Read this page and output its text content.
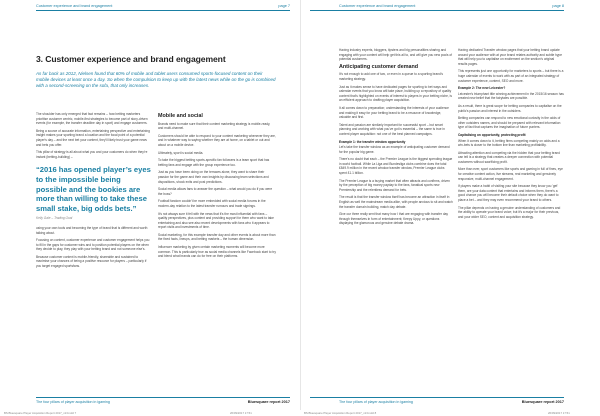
Customer experience and brand engagement	page 7
3. Customer experience and brand engagement

As far back as 2012, Nielsen found that 60% of mobile and tablet users consumed sports-focused content on their mobile devices at least once a day. So when the compulsion to keep up with the latest news while on the go is combined with a second-screening on the sofa, that only increases.

The shoulder has only emerged that fact remains – how betting marketers prioritise customer centric, mobile-first strategies to become part of story-driven events (for example, the transfer deadline day in sport) and engage customers.

Being a source of accurate information, entertaining perspective and entertaining insight makes your sporting brand a location and the focal point of a potential player's day – and the next bet your content, they'll likely trust your game news and bets you offer.

This pillar of strategy is all about what you and your customers do when they're instant (betting-building) –

“2016 has opened player’s eyes to the impossible being possible and the bookies are more than willing to take these small stake, big odds bets.”
Kelly Gale – Trading Goal

using your own tools and becoming the type of brand that is different and worth talking about.

Focusing on content, customer experience and customer engagement helps you to fill in the gaps for customer wins and to position potential players on the when they decide to play, they play with your betting brand and not someone else's.

Because customer context is mobile-friendly, shareable and sustained to maximise your chances of being a positive resource for players – particularly if you target engaged sportsfans.

Mobile and social

Brands need to make sure that their content marketing strategy is mobile-ready, and multi-channel.

Customers should be able to respond to your content marketing whenever they are, and in whatever way to saying whether they are at home, on a tablet or out and about on a mobile device.

Ultimately, sport is social media.

To take the biggest betting sports-specific fan followers is a team sport that has betting fans and engage with the group experience too.

Just as you have been doing on the terraces alone, they want to share their passion for the game and their own insights by discussing team selections and dispositions, shock exits and post predictions.

Social media allows fans to answer the question – what would you do if you were the boss?

Football fandom couldn't be more embedded with social media forums in the modern-day relation to the latest transfer rumours and trade signings.

It's not always sure it fell with the news that it's the most influential with fans – quality perspectives, plus content and providing support for them who want to take entertaining and also see also recent developments with fans who it appears to report visits and investments of time.

Social marketing, for this example transfer day and other events is about more than the fixed facts, lineups, and betting markets – the human dimension.

Influencer marketing by given certain marketing moments will become more common. This is particularly true as social media channels like Facebook start to try and blend what brands can do for free on their platforms.

The four pillars of player acquisition in igaming	Bluesquare report 2017
Customer experience and brand engagement	page 8

Having industry experts, bloggers, tipsters and big personalities sharing and engaging with your content will help get this all to, and will give you new pools of potential customers.

Anticipating customer demand

It's not enough to add one of two, or even in a queue to a sporting brand's marketing strategy.

Just as it makes sense to have dedicated pages for sporting to bet ways and calendar events that you know will take place, building up a repository of quality content that's highlighted on events of interest to players in your betting niche, is an efficient approach to drafting player acquisition.

It all comes down to preparation; understanding the interests of your audience and making it easy for your betting brand to be a resource of knowledge, valuable and first.

Talent and passion are similarly important for successful sport – but smart planning and working with what you've got is essential – the same is true in content player acquisition: not one of the best planned campaigns.

Example 1: the transfer window opportunity

Let's take the transfer window as an example of anticipating customer demand for the popular big game.

There's no doubt that each – the Premier League is the biggest spending league in world football. While La Liga and Bundesliga clubs combine does the total £849.9 million in the recent window transfer window, Premier League clubs spent £1.1 billion.

The Premier League is a buying market that often attracts and confirms, driven by the perception of big money payday to the fans, fanatical sports new Premiership and the relentless demand for bets.

The result is that the transfer window itself has become an attraction in itself in English as well the mainstream media alike, with people anxious to sit and watch the transfer domain building, match day debate.

Give our three really sent that many how I that are engaging with transfer day through themselves in form of entertainment; Keepy Uppy, or questions displaying the glamorous and genuine debate drama.

Having dedicated Transfer window pages that your betting brand update around your audience with at your brand relates authority and subtle hype that will help you to capitalise on excitement on the section's original results pages.

This represents just one opportunity for marketers to sports – but there is a huge calendar of events to work with as part of an integrated strategy of customer experience, content, SEO and more.

Example 2: The new Leicester?

Leicester's triumphant title winning achievement in the 2015/16 season has created new belief that the fairytales are possible.

As a result, there is great scope for betting companies to capitalise on the public's passion and interest in the outsiders.

Betting companies can respond to new emotional curiosity in the odds of other outsiders names, and should be prepared with relevant information type of fact that captures the imagination of future punters.

Capitalising on opportunity, protecting profit

When it comes down to it, betting firms competing mainly on odds and a win-bets is closer to the bottom line than marketing profitability.

Attracting attention and competing via the hidden that your betting brand can tell is a strategy that creates a deeper connection with potential customers without sacrificing profit.

More than ever, sport customers like sports and gaming in full of fines, eye for creative content action, live streams, real marketing and genuinely responsive, multi-channel engagement.

If players make a habit of visiting your site because they know you 'get' them, are your data content that entertains and informs them, there's a good chance you will become their default choice when they do want to place a bet – and they may even recommend your brand to others.

The pillar depends on having a genuine understanding of customers and the ability to operate your brand voice; but it's a major for their previous, and your wider SEO, content and acquisition strategy.

The four pillars of player acquisition in igaming	Bluesquare report 2017
BS Bluesquare Player Acquisition Report 2017_v13.indd 7	26/09/2017 17:51	BS Bluesquare Player Acquisition Report 2017_v13.indd 8	26/09/2017 17:51
